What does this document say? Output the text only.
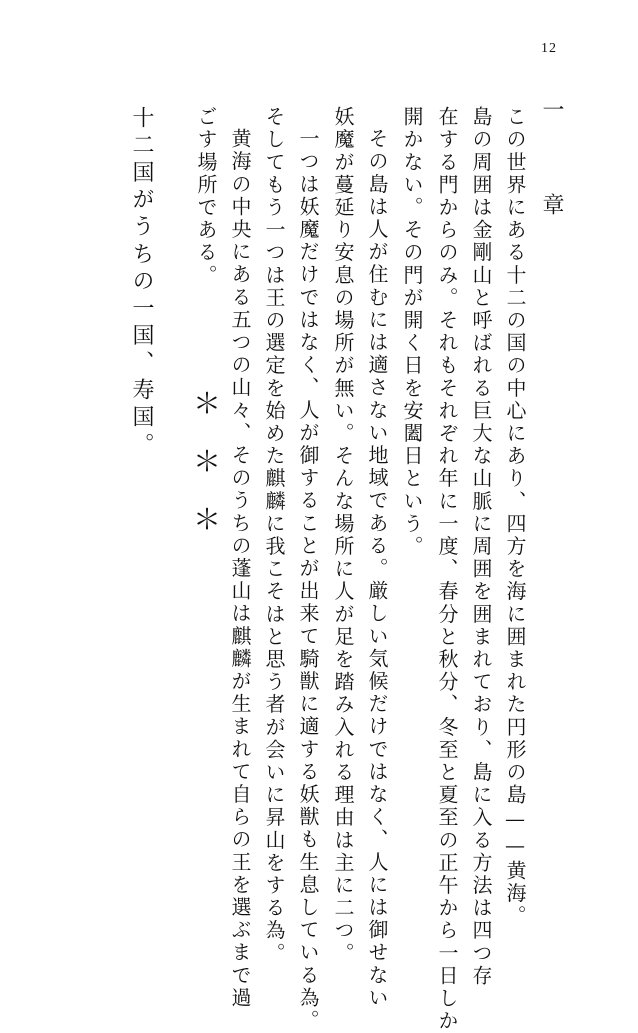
12
一 章
この世界にある十二の国の中心にあり、四方を海に囲まれた円形の島——黄海。
島の周囲は金剛山と呼ばれる巨大な山脈に周囲を囲まれており、島に入る方法は四つ存
在する門からのみ。それもそれぞれ年に一度、春分と秋分、冬至と夏至の正午から一日しか
開かない。その門が開く日を安闔日という。
その島は人が住むには適さない地域である。厳しい気候だけではなく、人には御せない
妖魔が蔓延り安息の場所が無い。そんな場所に人が足を踏み入れる理由は主に二つ。
一つは妖魔だけではなく、人が御することが出来て騎獣に適する妖獣も生息している為。
そしてもう一つは王の選定を始めた麒麟に我こそはと思う者が会いに昇山をする為。
黄海の中央にある五つの山々、そのうちの蓬山は麒麟が生まれて自らの王を選ぶまで過
ごす場所である。
＊
＊
＊
十二国がうちの一国、寿国。
